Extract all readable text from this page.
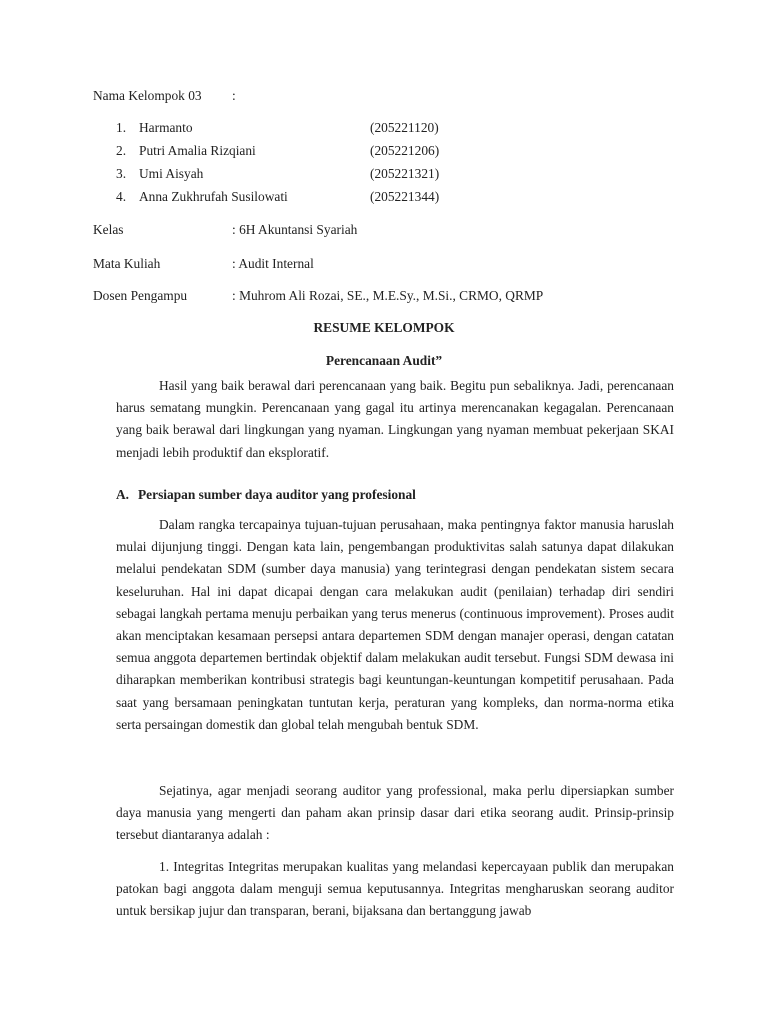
Nama Kelompok 03 :
1. Harmanto	(205221120)
2. Putri Amalia Rizqiani	(205221206)
3. Umi Aisyah	(205221321)
4. Anna Zukhrufah Susilowati	(205221344)
Kelas	: 6H Akuntansi Syariah
Mata Kuliah	: Audit Internal
Dosen Pengampu	: Muhrom Ali Rozai, SE., M.E.Sy., M.Si., CRMO, QRMP
RESUME KELOMPOK
Perencanaan Audit”

Hasil yang baik berawal dari perencanaan yang baik. Begitu pun sebaliknya. Jadi, perencanaan harus sematang mungkin. Perencanaan yang gagal itu artinya merencanakan kegagalan. Perencanaan yang baik berawal dari lingkungan yang nyaman. Lingkungan yang nyaman membuat pekerjaan SKAI menjadi lebih produktif dan eksploratif.

A. Persiapan sumber daya auditor yang profesional

Dalam rangka tercapainya tujuan-tujuan perusahaan, maka pentingnya faktor manusia haruslah mulai dijunjung tinggi. Dengan kata lain, pengembangan produktivitas salah satunya dapat dilakukan melalui pendekatan SDM (sumber daya manusia) yang terintegrasi dengan pendekatan sistem secara keseluruhan. Hal ini dapat dicapai dengan cara melakukan audit (penilaian) terhadap diri sendiri sebagai langkah pertama menuju perbaikan yang terus menerus (continuous improvement). Proses audit akan menciptakan kesamaan persepsi antara departemen SDM dengan manajer operasi, dengan catatan semua anggota departemen bertindak objektif dalam melakukan audit tersebut. Fungsi SDM dewasa ini diharapkan memberikan kontribusi strategis bagi keuntungan-keuntungan kompetitif perusahaan. Pada saat yang bersamaan peningkatan tuntutan kerja, peraturan yang kompleks, dan norma-norma etika serta persaingan domestik dan global telah mengubah bentuk SDM.

Sejatinya, agar menjadi seorang auditor yang professional, maka perlu dipersiapkan sumber daya manusia yang mengerti dan paham akan prinsip dasar dari etika seorang audit. Prinsip-prinsip tersebut diantaranya adalah :

1. Integritas Integritas merupakan kualitas yang melandasi kepercayaan publik dan merupakan patokan bagi anggota dalam menguji semua keputusannya. Integritas mengharuskan seorang auditor untuk bersikap jujur dan transparan, berani, bijaksana dan bertanggung jawab
